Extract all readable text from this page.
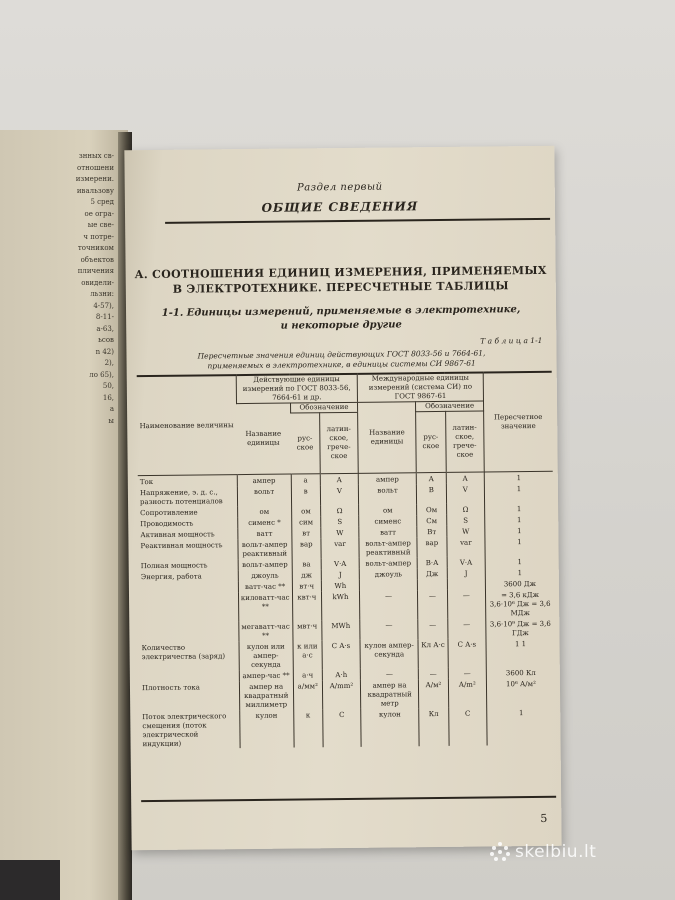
знных св-
отношени
измерени.
ивальзову
5 сред
ое огра-
ые све-
ч потре-
точником
объектов
пличения
овидели-
льзни:
4-57),
8-11-
а-63,
ьсов
n 42)
2),
ло 65),
50,
16,
а
ы
Раздел первый
ОБЩИЕ СВЕДЕНИЯ
А. СООТНОШЕНИЯ ЕДИНИЦ ИЗМЕРЕНИЯ, ПРИМЕНЯЕМЫХ
В ЭЛЕКТРОТЕХНИКЕ. ПЕРЕСЧЕТНЫЕ ТАБЛИЦЫ
1-1. Единицы измерений, применяемые в электротехнике,
и некоторые другие
Т а б л и ц а 1-1
Пересчетные значения единиц действующих ГОСТ 8033-56 и 7664-61,
применяемых в электротехнике, в единицы системы СИ 9867-61
Наименование величины	Действующие единицы измерений по ГОСТ 8033-56, 7664-61 и др.			Международные единицы измерений (система СИ) по ГОСТ 9867-61			Пересчетное значение
	Название единицы	Обозначение		Название единицы	Обозначение		
		рус- ское	латин- ское, грече- ское		рус- ское	латин- ское, грече- ское	
Ток	ампер	а	A	ампер	А	A	1
Напряжение, э. д. с., разность потенциалов	вольт	в	V	вольт	В	V	1
Сопротивление	ом	ом	Ω	ом	Ом	Ω	1
Проводимость	сименс *	сим	S	сименс	См	S	1
Активная мощность	ватт	вт	W	ватт	Вт	W	1
Реактивная мощность	вольт-ампер реактивный	вар	var	вольт-ампер реактивный	вар	var	1
Полная мощность	вольт-ампер	ва	V·A	вольт-ампер	В·А	V·A	1
Энергия, работа	джоуль	дж	J	джоуль	Дж	J	1
	ватт-час **	вт·ч	Wh				3600 Дж
	киловатт-час **	квт·ч	kWh	—	—	—	= 3,6 кДж 3,6·10⁶ Дж = 3,6 МДж
	мегаватт-час **	мвт·ч	MWh	—	—	—	3,6·10⁹ Дж = 3,6 ГДж
Количество электричества (заряд)	кулон или ампер-секунда	к или а·с	C A·s	кулон ампер-секунда	Кл А·с	C A·s	1 1
	ампер-час **	а·ч	A·h	—	—	—	3600 Кл
Плотность тока	ампер на квадратный миллиметр	а/мм²	A/mm²	ампер на квадратный метр	А/м²	A/m²	10⁶ А/м²
Поток электрического смещения (поток электрической индукции)	кулон	к	C	кулон	Кл	C	1
5
skelbiu.lt
